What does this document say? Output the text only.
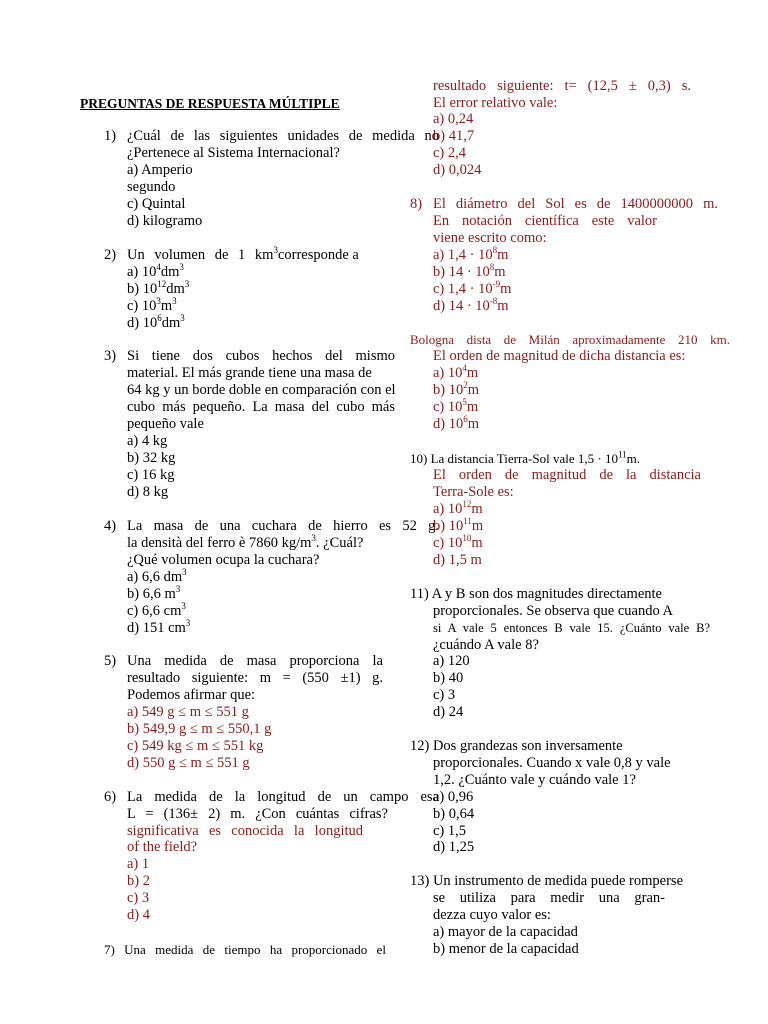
PREGUNTAS DE RESPUESTA MÚLTIPLE
1) ¿Cuál de las siguientes unidades de medida no
¿Pertenece al Sistema Internacional?
a) Amperio
segundo
c) Quintal
d) kilogramo
2) Un volumen de 1 $km^3corresponde$ a
a) $10^4dm^3$
b) $10^{12}dm^3$
c) $10^3m^3$
d) $10^6dm^3$
3) Si tiene dos cubos hechos del mismo
material. El más grande tiene una masa de
64 kg y un borde doble en comparación con el
cubo más pequeño. La masa del cubo más
pequeño vale
a) 4 kg
b) 32 kg
c) 16 kg
d) 8 kg
4) La masa de una cuchara de hierro es 52 g.
la densità del ferro è 7860 $kg/m^3$. ¿Cuál?
¿Qué volumen ocupa la cuchara?
a) 6,6 $dm^3$
b) 6,6 $m^3$
c) 6,6 $cm^3$
d) 151 $cm^3$
5) Una medida de masa proporciona la
resultado siguiente: m = (550 ±1) g.
Podemos afirmar que:
a) 549 g ≤ m ≤ 551 g
b) 549,9 g ≤ m ≤ 550,1 g
c) 549 kg ≤ m ≤ 551 kg
d) 550 g ≤ m ≤ 551 g
6) La medida de la longitud de un campo esa
L = (136± 2) m. ¿Con cuántas cifras?
significativa es conocida la longitud
of the field?
a) 1
b) 2
c) 3
d) 4
7) Una medida de tiempo ha proporcionado el
resultado siguiente: t= (12,5 ± 0,3) s.
El error relativo vale:
a) 0,24
b) 41,7
c) 2,4
d) 0,024
8) El diámetro del Sol es de 1400000000 m.
En notación científica este valor
viene escrito como:
a) $1,4 \cdot 10^8m$
b) $14 \cdot 10^8m$
c) $1,4 \cdot 10^{-9}m$
d) $14 \cdot 10^{-8}m$
Bologna dista de Milán aproximadamente 210 km.
El orden de magnitud de dicha distancia es:
a) $10^4m$
b) $10^2m$
c) $10^5m$
d) $10^6m$
10) La distancia Tierra-Sol vale $1,5 \cdot 10^{11}m$.
El orden de magnitud de la distancia
Terra-Sole es:
a) $10^{12}m$
b) $10^{11}m$
c) $10^{10}m$
d) 1,5 m
11) A y B son dos magnitudes directamente
proporcionales. Se observa que cuando A
si A vale 5 entonces B vale 15. ¿Cuánto vale B?
¿cuándo A vale 8?
a) 120
b) 40
c) 3
d) 24
12) Dos grandezas son inversamente
proporcionales. Cuando x vale 0,8 y vale
1,2. ¿Cuánto vale y cuándo vale 1?
a) 0,96
b) 0,64
c) 1,5
d) 1,25
13) Un instrumento de medida puede romperse
se utiliza para medir una gran-
dezza cuyo valor es:
a) mayor de la capacidad
b) menor de la capacidad
